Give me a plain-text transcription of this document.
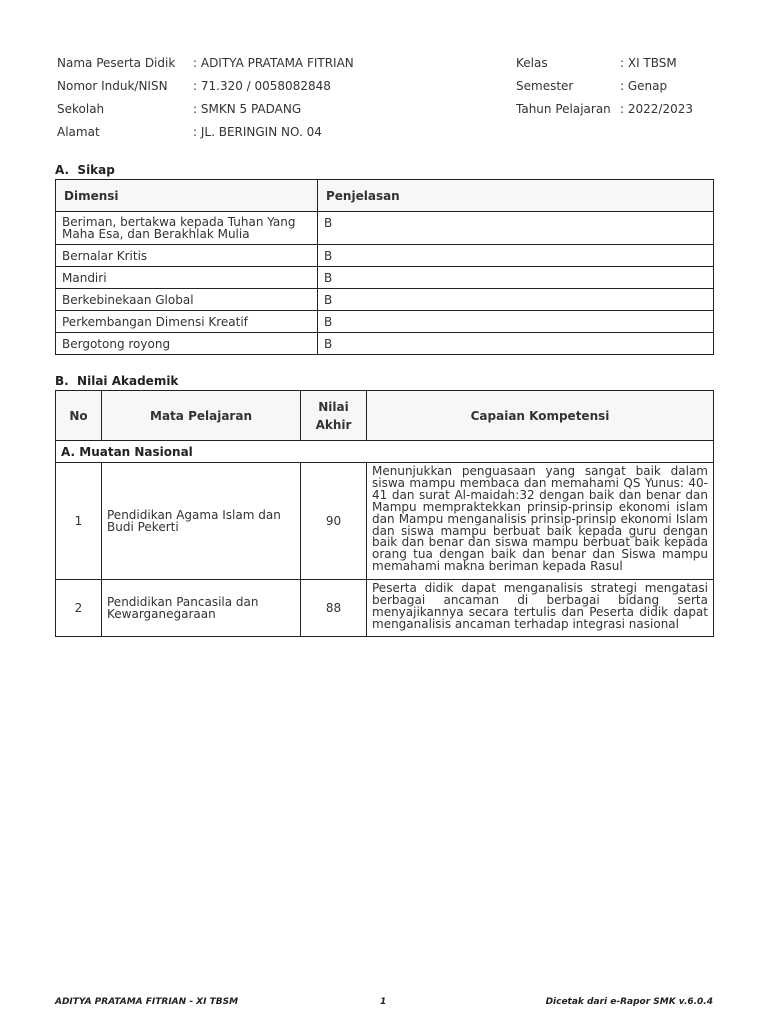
Nama Peserta Didik : ADITYA PRATAMA FITRIAN
Nomor Induk/NISN : 71.320 / 0058082848
Sekolah	: SMKN 5 PADANG
Alamat	: JL. BERINGIN NO. 04
Kelas	: XI TBSM
Semester	: Genap
Tahun Pelajaran : 2022/2023
A.  Sikap
Dimensi	Penjelasan
Beriman, bertakwa kepada Tuhan Yang Maha Esa, dan Berakhlak Mulia	B
Bernalar Kritis	B
Mandiri	B
Berkebinekaan Global	B
Perkembangan Dimensi Kreatif	B
Bergotong royong	B
B.  Nilai Akademik
No	Mata Pelajaran	Nilai Akhir	Capaian Kompetensi
A. Muatan Nasional			
1	Pendidikan Agama Islam dan Budi Pekerti	90	Menunjukkan penguasaan yang sangat baik dalam siswa mampu membaca dan memahami QS Yunus: 40-41 dan surat Al-maidah:32 dengan baik dan benar dan Mampu mempraktekkan prinsip-prinsip ekonomi islam dan Mampu menganalisis prinsip-prinsip ekonomi Islam dan siswa mampu berbuat baik kepada guru dengan baik dan benar dan siswa mampu berbuat baik kepada orang tua dengan baik dan benar dan Siswa mampu memahami makna beriman kepada Rasul
2	Pendidikan Pancasila dan Kewarganegaraan	88	Peserta didik dapat menganalisis strategi mengatasi berbagai ancaman di berbagai bidang serta menyajikannya secara tertulis dan Peserta didik dapat menganalisis ancaman terhadap integrasi nasional
ADITYA PRATAMA FITRIAN - XI TBSM	1	Dicetak dari e-Rapor SMK v.6.0.4
